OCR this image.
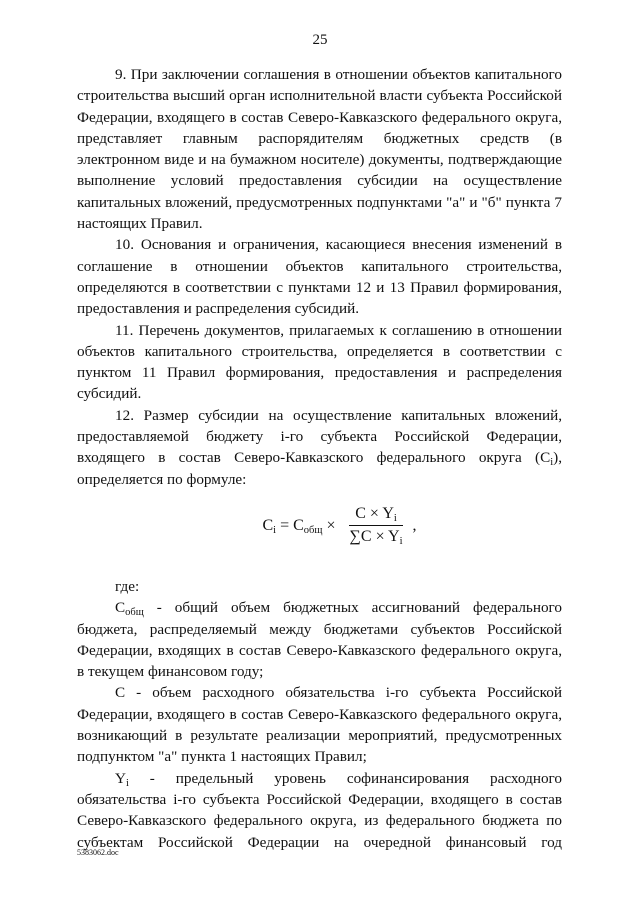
25

9. При заключении соглашения в отношении объектов капитального строительства высший орган исполнительной власти субъекта Российской Федерации, входящего в состав Северо-Кавказского федерального округа, представляет главным распорядителям бюджетных средств (в электронном виде и на бумажном носителе) документы, подтверждающие выполнение условий предоставления субсидии на осуществление капитальных вложений, предусмотренных подпунктами "а" и "б" пункта 7 настоящих Правил.

10. Основания и ограничения, касающиеся внесения изменений в соглашение в отношении объектов капитального строительства, определяются в соответствии с пунктами 12 и 13 Правил формирования, предоставления и распределения субсидий.

11. Перечень документов, прилагаемых к соглашению в отношении объектов капитального строительства, определяется в соответствии с пунктом 11 Правил формирования, предоставления и распределения субсидий.

12. Размер субсидии на осуществление капитальных вложений, предоставляемой бюджету i-го субъекта Российской Федерации, входящего в состав Северо-Кавказского федерального округа $(C_i)$, определяется по формуле:

$C_i = C_{общ} \times \frac{C \times Y_i}{\sum C \times Y_i}$ ,

где:

$C_{общ}$ - общий объем бюджетных ассигнований федерального бюджета, распределяемый между бюджетами субъектов Российской Федерации, входящих в состав Северо-Кавказского федерального округа, в текущем финансовом году;

C - объем расходного обязательства i-го субъекта Российской Федерации, входящего в состав Северо-Кавказского федерального округа, возникающий в результате реализации мероприятий, предусмотренных подпунктом "а" пункта 1 настоящих Правил;

$Y_i$ - предельный уровень софинансирования расходного обязательства i-го субъекта Российской Федерации, входящего в состав Северо-Кавказского федерального округа, из федерального бюджета по субъектам Российской Федерации на очередной финансовый год

5383062.doc
